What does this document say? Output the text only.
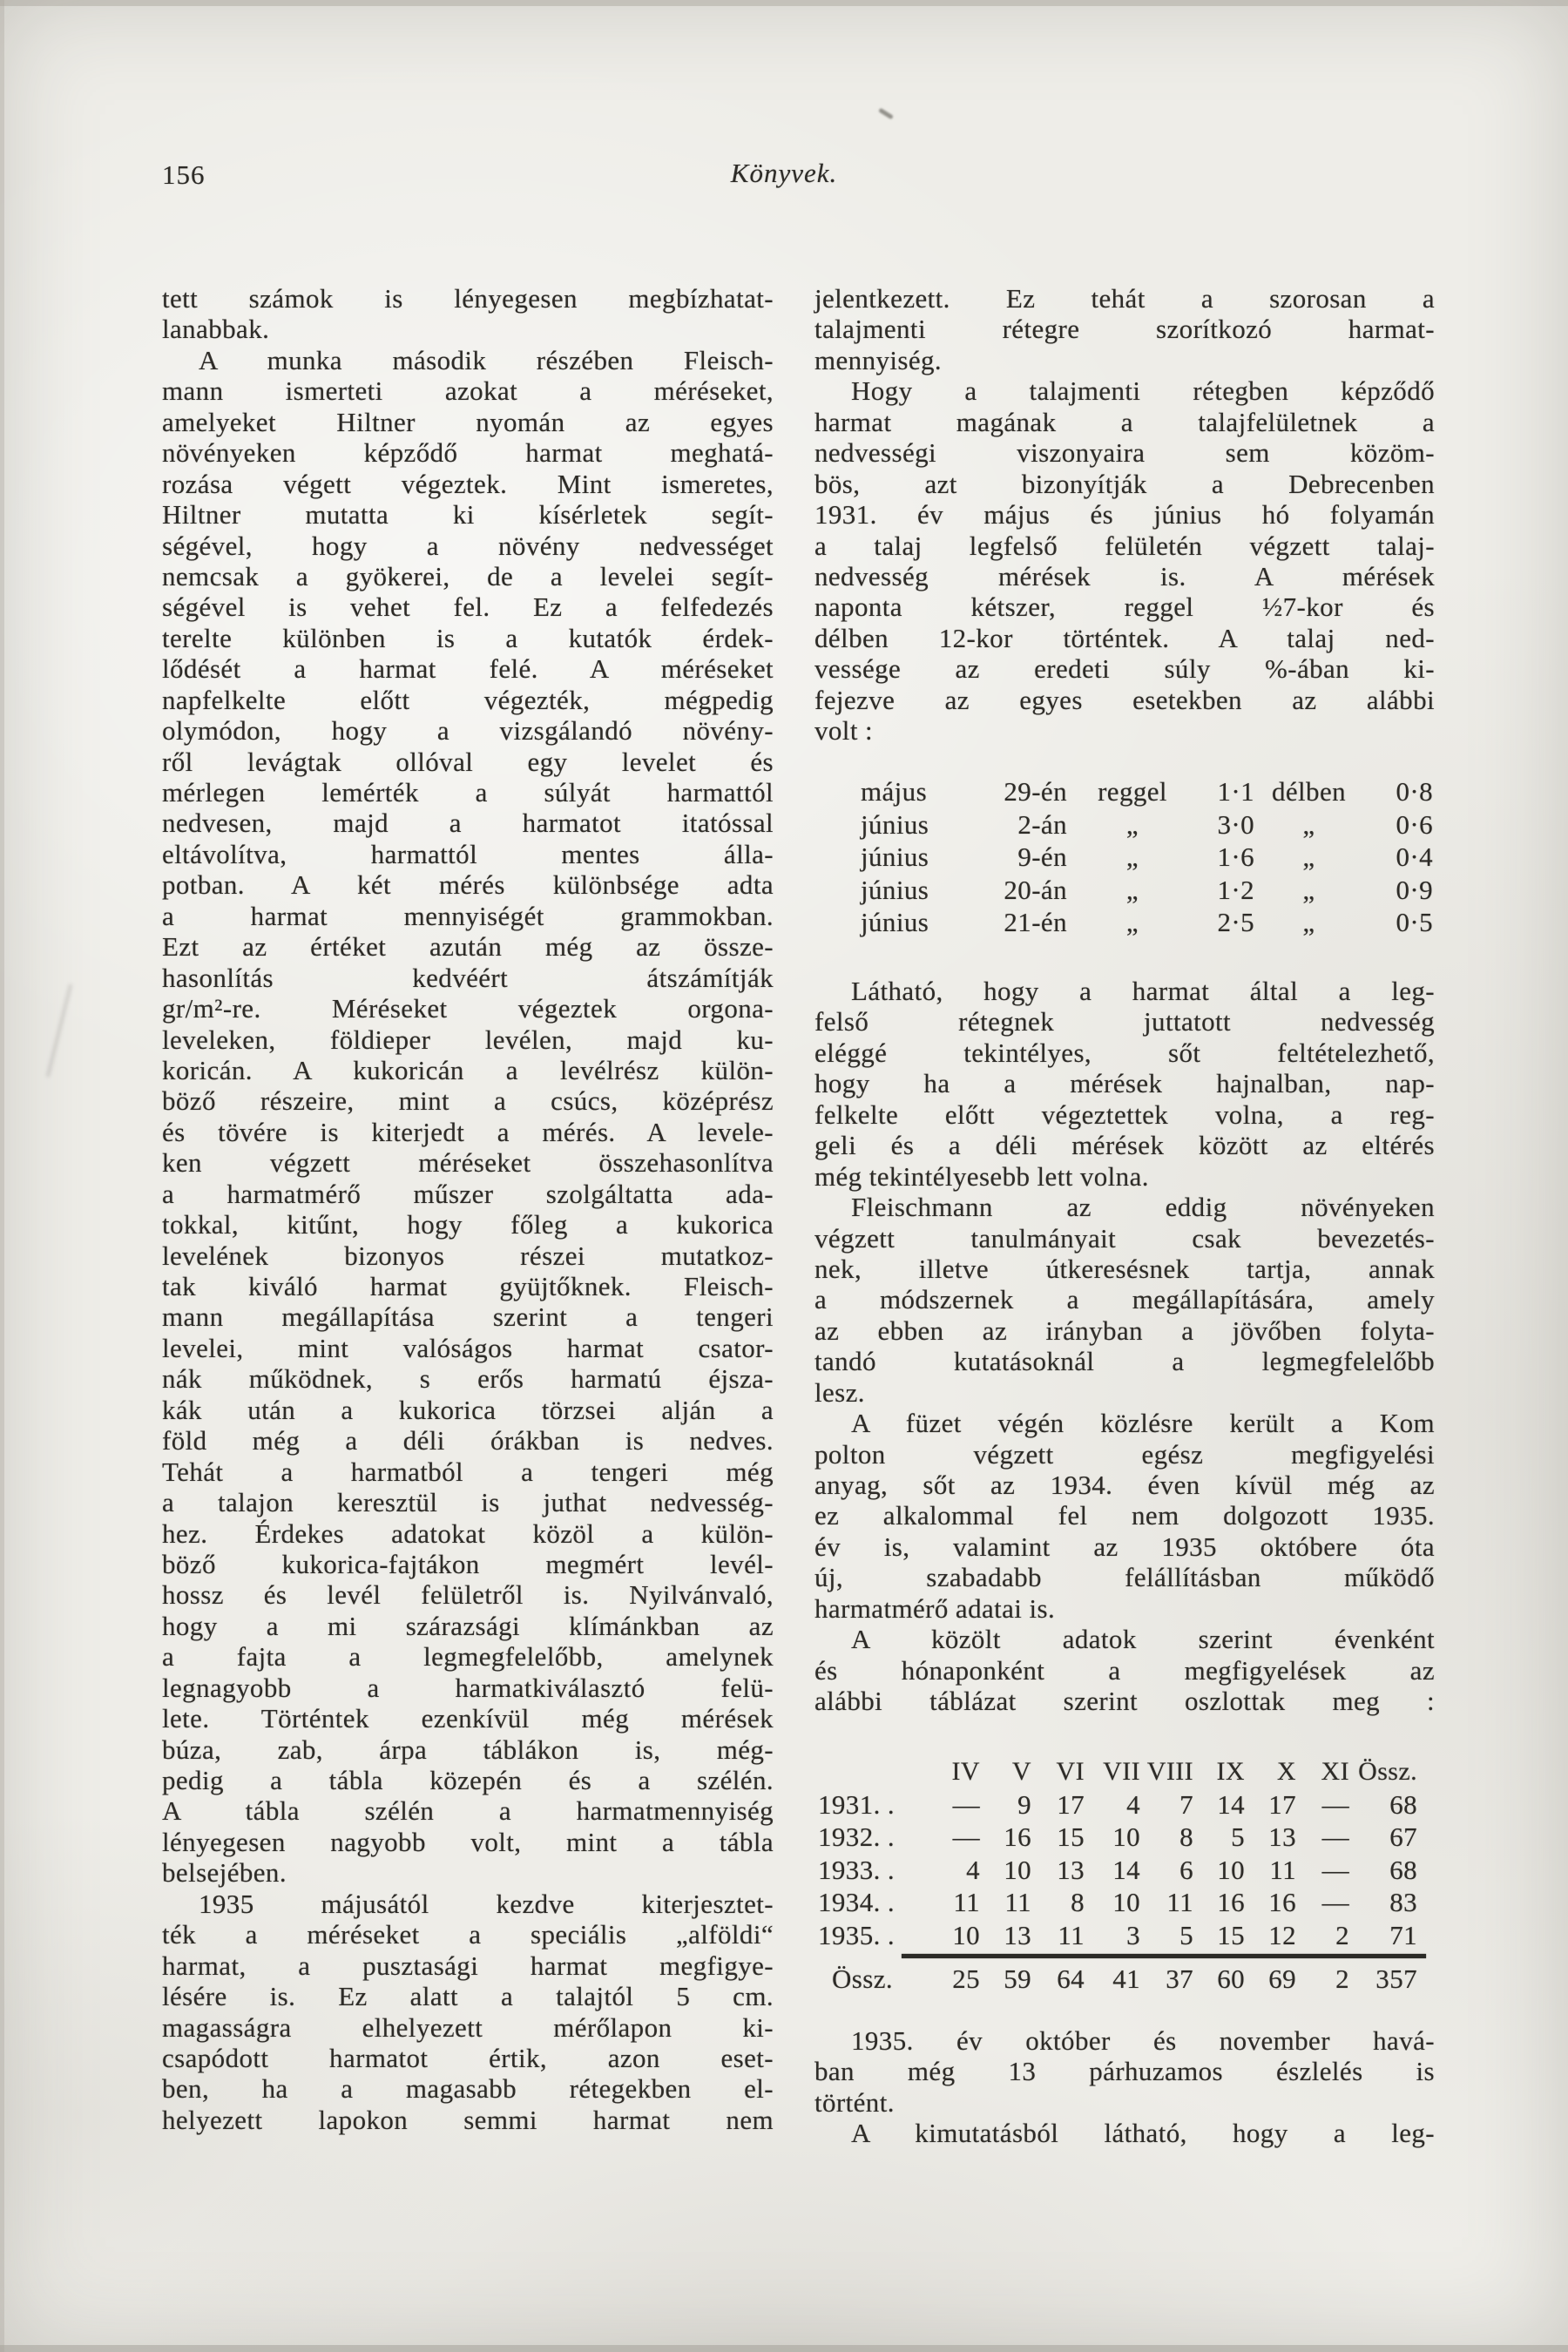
156	Könyvek.
tett számok is lényegesen megbízhatat-
lanabbak.
A munka második részében Fleisch-
mann ismerteti azokat a méréseket,
amelyeket Hiltner nyomán az egyes
növényeken képződő harmat meghatá-
rozása végett végeztek. Mint ismeretes,
Hiltner mutatta ki kísérletek segít-
ségével, hogy a növény nedvességet
nemcsak a gyökerei, de a levelei segít-
ségével is vehet fel. Ez a felfedezés
terelte különben is a kutatók érdek-
lődését a harmat felé. A méréseket
napfelkelte előtt végezték, mégpedig
olymódon, hogy a vizsgálandó növény-
ről levágtak ollóval egy levelet és
mérlegen lemérték a súlyát harmattól
nedvesen, majd a harmatot itatóssal
eltávolítva, harmattól mentes álla-
potban. A két mérés különbsége adta
a harmat mennyiségét grammokban.
Ezt az értéket azután még az össze-
hasonlítás kedvéért átszámítják
gr/m²-re. Méréseket végeztek orgona-
leveleken, földieper levélen, majd ku-
koricán. A kukoricán a levélrész külön-
böző részeire, mint a csúcs, középrész
és tövére is kiterjedt a mérés. A levele-
ken végzett méréseket összehasonlítva
a harmatmérő műszer szolgáltatta ada-
tokkal, kitűnt, hogy főleg a kukorica
levelének bizonyos részei mutatkoz-
tak kiváló harmat gyüjtőknek. Fleisch-
mann megállapítása szerint a tengeri
levelei, mint valóságos harmat csator-
nák működnek, s erős harmatú éjsza-
kák után a kukorica törzsei alján a
föld még a déli órákban is nedves.
Tehát a harmatból a tengeri még
a talajon keresztül is juthat nedvesség-
hez. Érdekes adatokat közöl a külön-
böző kukorica-fajtákon megmért levél-
hossz és levél felületről is. Nyilvánvaló,
hogy a mi szárazsági klímánkban az
a fajta a legmegfelelőbb, amelynek
legnagyobb a harmatkiválasztó felü-
lete. Történtek ezenkívül még mérések
búza, zab, árpa táblákon is, még-
pedig a tábla közepén és a szélén.
A tábla szélén a harmatmennyiség
lényegesen nagyobb volt, mint a tábla
belsejében.
1935 májusától kezdve kiterjesztet-
ték a méréseket a speciális „alföldi“
harmat, a pusztasági harmat megfigye-
lésére is. Ez alatt a talajtól 5 cm.
magasságra elhelyezett mérőlapon ki-
csapódott harmatot értik, azon eset-
ben, ha a magasabb rétegekben el-
helyezett lapokon semmi harmat nem
jelentkezett. Ez tehát a szorosan a
talajmenti rétegre szorítkozó harmat-
mennyiség.
Hogy a talajmenti rétegben képződő
harmat magának a talajfelületnek a
nedvességi viszonyaira sem közöm-
bös, azt bizonyítják a Debrecenben
1931. év május és június hó folyamán
a talaj legfelső felületén végzett talaj-
nedvesség mérések is. A mérések
naponta kétszer, reggel ½7-kor és
délben 12-kor történtek. A talaj ned-
vessége az eredeti súly %-ában ki-
fejezve az egyes esetekben az alábbi
volt :
május	29-én	reggel	1·1 délben	0·8
június	2-án	„	3·0	„	0·6
június	9-én	„	1·6	„	0·4
június	20-án	„	1·2	„	0·9
június	21-én	„	2·5	„	0·5
Látható, hogy a harmat által a leg-
felső rétegnek juttatott nedvesség
eléggé tekintélyes, sőt feltételezhető,
hogy ha a mérések hajnalban, nap-
felkelte előtt végeztettek volna, a reg-
geli és a déli mérések között az eltérés
még tekintélyesebb lett volna.
Fleischmann az eddig növényeken
végzett tanulmányait csak bevezetés-
nek, illetve útkeresésnek tartja, annak
a módszernek a megállapítására, amely
az ebben az irányban a jövőben folyta-
tandó kutatásoknál a legmegfelelőbb
lesz.
A füzet végén közlésre került a Kom
polton végzett egész megfigyelési
anyag, sőt az 1934. éven kívül még az
ez alkalommal fel nem dolgozott 1935.
év is, valamint az 1935 októbere óta
új, szabadabb felállításban működő
harmatmérő adatai is.
A közölt adatok szerint évenként
és hónaponként a megfigyelések az
alábbi táblázat szerint oszlottak meg :
IV	V VI VII VIII IX	X XI Össz.
1931. .	—	9 17	4	7 14 17 —	68
1932. .	— 16 15	10	8	5 13 —	67
1933. .	4 10 13	14	6 10 11 —	68
1934. .	11 11	8	10 11 16 16 —	83
1935. .	10 13 11	3	5 15 12	2	71
Össz.	25 59 64	41 37 60 69	2 357
1935. év október és november havá-
ban még 13 párhuzamos észlelés is
történt.
A kimutatásból látható, hogy a leg-
